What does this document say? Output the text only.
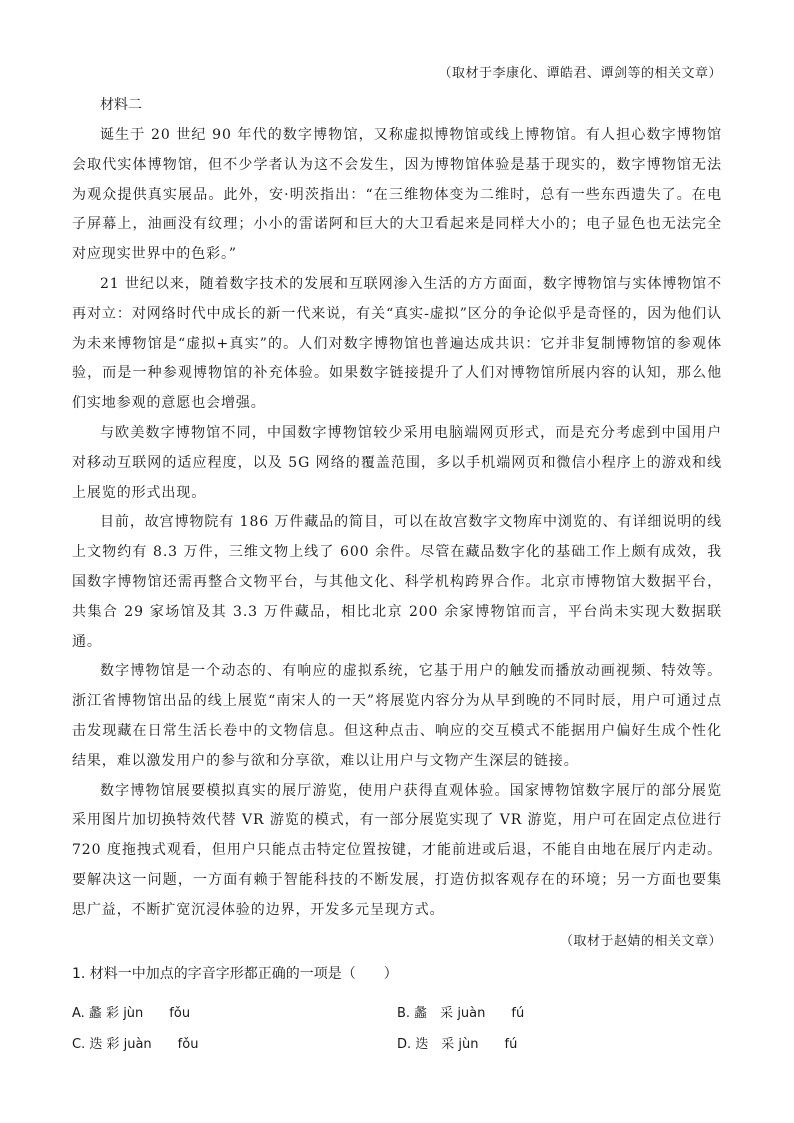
（取材于李康化、谭皓君、谭剑等的相关文章）

材料二

诞生于 20 世纪 90 年代的数字博物馆，又称虚拟博物馆或线上博物馆。有人担心数字博物馆会取代实体博物馆，但不少学者认为这不会发生，因为博物馆体验是基于现实的，数字博物馆无法为观众提供真实展品。此外，安·明茨指出：“在三维物体变为二维时，总有一些东西遗失了。在电子屏幕上，油画没有纹理；小小的雷诺阿和巨大的大卫看起来是同样大小的；电子显色也无法完全对应现实世界中的色彩。”

21 世纪以来，随着数字技术的发展和互联网渗入生活的方方面面，数字博物馆与实体博物馆不再对立：对网络时代中成长的新一代来说，有关“真实-虚拟”区分的争论似乎是奇怪的，因为他们认为未来博物馆是“虚拟+真实”的。人们对数字博物馆也普遍达成共识：它并非复制博物馆的参观体验，而是一种参观博物馆的补充体验。如果数字链接提升了人们对博物馆所展内容的认知，那么他们实地参观的意愿也会增强。

与欧美数字博物馆不同，中国数字博物馆较少采用电脑端网页形式，而是充分考虑到中国用户对移动互联网的适应程度，以及 5G 网络的覆盖范围，多以手机端网页和微信小程序上的游戏和线上展览的形式出现。

目前，故宫博物院有 186 万件藏品的简目，可以在故宫数字文物库中浏览的、有详细说明的线上文物约有 8.3 万件，三维文物上线了 600 余件。尽管在藏品数字化的基础工作上颇有成效，我国数字博物馆还需再整合文物平台，与其他文化、科学机构跨界合作。北京市博物馆大数据平台，共集合 29 家场馆及其 3.3 万件藏品，相比北京 200 余家博物馆而言，平台尚未实现大数据联通。

数字博物馆是一个动态的、有响应的虚拟系统，它基于用户的触发而播放动画视频、特效等。浙江省博物馆出品的线上展览“南宋人的一天”将展览内容分为从早到晚的不同时辰，用户可通过点击发现藏在日常生活长卷中的文物信息。但这种点击、响应的交互模式不能据用户偏好生成个性化结果，难以激发用户的参与欲和分享欲，难以让用户与文物产生深层的链接。

数字博物馆展要模拟真实的展厅游览，使用户获得直观体验。国家博物馆数字展厅的部分展览采用图片加切换特效代替 VR 游览的模式，有一部分展览实现了 VR 游览，用户可在固定点位进行 720 度拖拽式观看，但用户只能点击特定位置按键，才能前进或后退，不能自由地在展厅内走动。要解决这一问题，一方面有赖于智能科技的不断发展，打造仿拟客观存在的环境；另一方面也要集思广益，不断扩宽沉浸体验的边界，开发多元呈现方式。

（取材于赵婧的相关文章）

1. 材料一中加点的字音字形都正确的一项是（　　）

A. 蠡 彩 jùn　　fǒu	B. 蠡　采 juàn　　fú
C. 迭 彩 juàn　　fǒu	D. 迭　采 jùn　　fú
